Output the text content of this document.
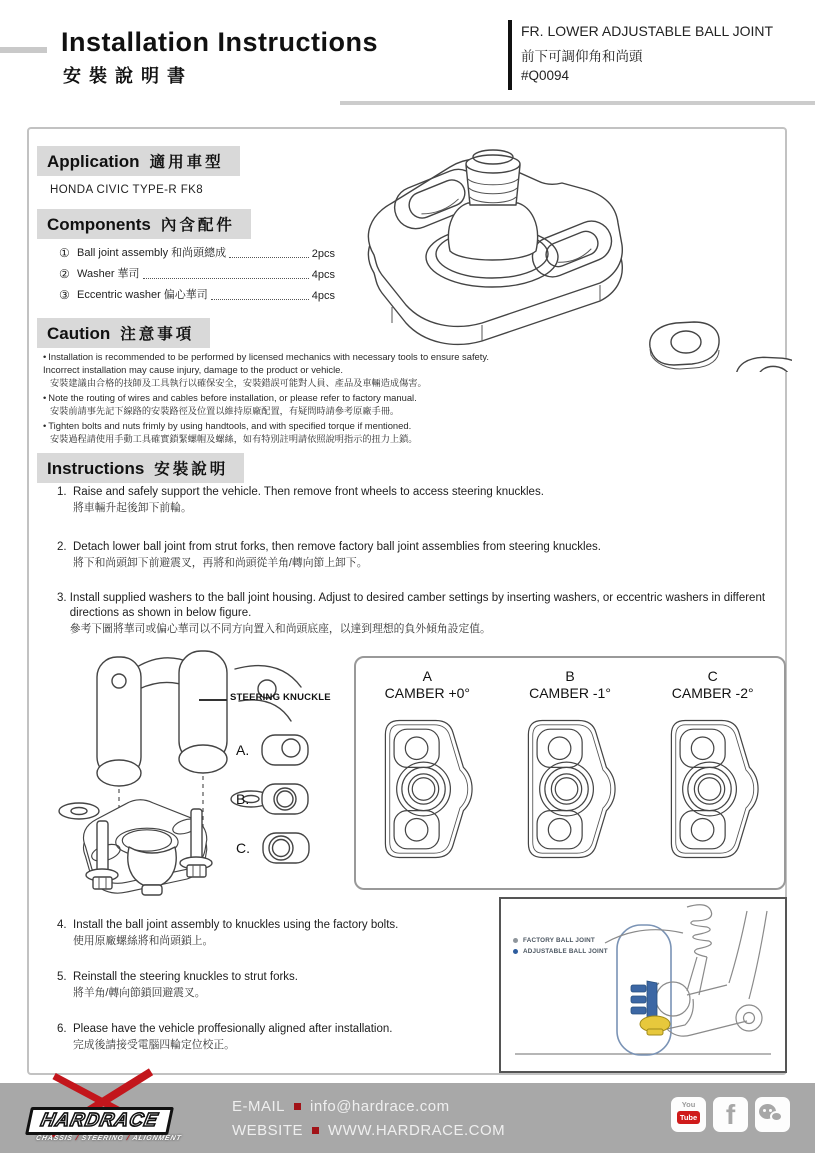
Installation Instructions
安裝說明書
FR. LOWER ADJUSTABLE BALL JOINT
前下可調仰角和尚頭
#Q0094
Application 適用車型
HONDA CIVIC TYPE-R FK8
Components 內含配件
① Ball joint assembly 和尚頭總成	2pcs
② Washer 華司	4pcs
③ Eccentric washer 偏心華司	4pcs
Caution 注意事項
• Installation is recommended to be performed by licensed mechanics with necessary tools to ensure safety. Incorrect installation may cause injury, damage to the product or vehicle.
安裝建議由合格的技師及工具執行以確保安全，安裝錯誤可能對人員、產品及車輛造成傷害。
• Note the routing of wires and cables before installation, or please refer to factory manual.
安裝前請事先記下線路的安裝路徑及位置以維持原廠配置，有疑問時請參考原廠手冊。
• Tighten bolts and nuts frimly by using handtools, and with specified torque if mentioned.
安裝過程請使用手動工具確實鎖緊螺帽及螺絲，如有特別註明請依照說明指示的扭力上鎖。
Instructions 安裝說明
1. Raise and safely support the vehicle. Then remove front wheels to access steering knuckles.
將車輛升起後卸下前輪。
2. Detach lower ball joint from strut forks, then remove factory ball joint assemblies from steering knuckles.
將下和尚頭卸下前避震叉，再將和尚頭從羊角/轉向節上卸下。
3. Install supplied washers to the ball joint housing. Adjust to desired camber settings by inserting washers, or eccentric washers in different directions as shown in below figure.
參考下圖將華司或偏心華司以不同方向置入和尚頭底座，以達到理想的負外傾角設定值。
STEERING KNUCKLE
A.
B.
C.
A
CAMBER +0°
B
CAMBER -1°
C
CAMBER -2°
4. Install the ball joint assembly to knuckles using the factory bolts.
使用原廠螺絲將和尚頭鎖上。
5. Reinstall the steering knuckles to strut forks.
將羊角/轉向節鎖回避震叉。
6. Please have the vehicle proffesionally aligned after installation.
完成後請接受電腦四輪定位校正。
FACTORY BALL JOINT
ADJUSTABLE BALL JOINT
HARDRACE
CHASSIS / STEERING / ALIGNMENT
E-MAIL info@hardrace.com
WEBSITE WWW.HARDRACE.COM
You
Tube	f
